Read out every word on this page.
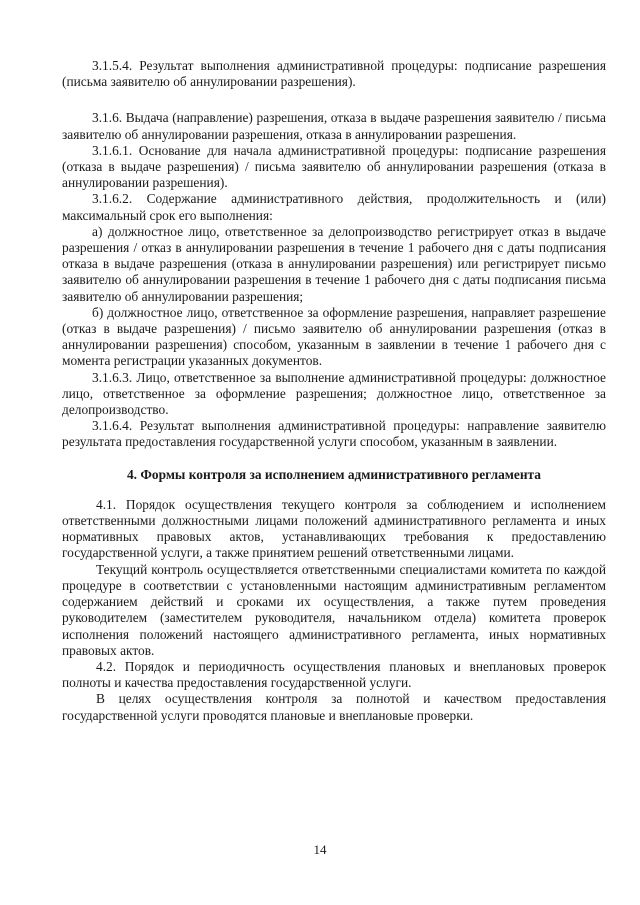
3.1.5.4. Результат выполнения административной процедуры: подписание разрешения (письма заявителю об аннулировании разрешения).

3.1.6. Выдача (направление) разрешения, отказа в выдаче разрешения заявителю / письма заявителю об аннулировании разрешения, отказа в аннулировании разрешения.

3.1.6.1. Основание для начала административной процедуры: подписание разрешения (отказа в выдаче разрешения) / письма заявителю об аннулировании разрешения (отказа в аннулировании разрешения).

3.1.6.2. Содержание административного действия, продолжительность и (или) максимальный срок его выполнения:

а) должностное лицо, ответственное за делопроизводство регистрирует отказ в выдаче разрешения / отказ в аннулировании разрешения в течение 1 рабочего дня с даты подписания отказа в выдаче разрешения (отказа в аннулировании разрешения) или регистрирует письмо заявителю об аннулировании разрешения в течение 1 рабочего дня с даты подписания письма заявителю об аннулировании разрешения;

б) должностное лицо, ответственное за оформление разрешения, направляет разрешение (отказ в выдаче разрешения) / письмо заявителю об аннулировании разрешения (отказ в аннулировании разрешения) способом, указанным в заявлении в течение 1 рабочего дня с момента регистрации указанных документов.

3.1.6.3. Лицо, ответственное за выполнение административной процедуры: должностное лицо, ответственное за оформление разрешения; должностное лицо, ответственное за делопроизводство.

3.1.6.4. Результат выполнения административной процедуры: направление заявителю результата предоставления государственной услуги способом, указанным в заявлении.

4. Формы контроля за исполнением административного регламента

4.1. Порядок осуществления текущего контроля за соблюдением и исполнением ответственными должностными лицами положений административного регламента и иных нормативных правовых актов, устанавливающих требования к предоставлению государственной услуги, а также принятием решений ответственными лицами.

Текущий контроль осуществляется ответственными специалистами комитета по каждой процедуре в соответствии с установленными настоящим административным регламентом содержанием действий и сроками их осуществления, а также путем проведения руководителем (заместителем руководителя, начальником отдела) комитета проверок исполнения положений настоящего административного регламента, иных нормативных правовых актов.

4.2. Порядок и периодичность осуществления плановых и внеплановых проверок полноты и качества предоставления государственной услуги.

В целях осуществления контроля за полнотой и качеством предоставления государственной услуги проводятся плановые и внеплановые проверки.

14
